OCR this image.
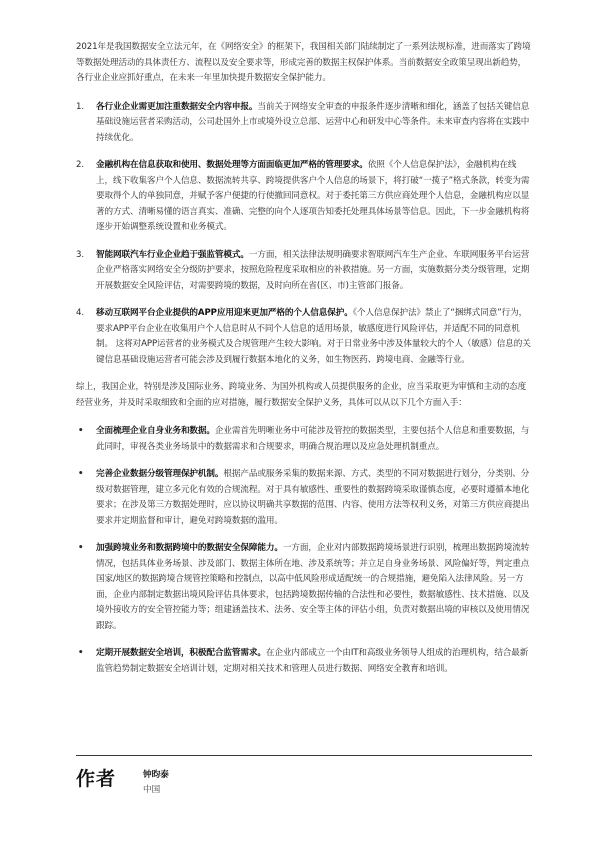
2021年是我国数据安全立法元年，在《网络安全》的框架下，我国相关部门陆续制定了一系列法规标准，进而落实了跨境等数据处理活动的具体责任方、流程以及安全要求等，形成完善的数据主权保护体系。当前数据安全政策呈现出新趋势，各行业企业应抓好重点，在未来一年里加快提升数据安全保护能力。

1. 各行业企业需更加注重数据安全内容申报。当前关于网络安全审查的申报条件逐步清晰和细化，涵盖了包括关键信息基础设施运营者采购活动，公司赴国外上市或境外设立总部、运营中心和研发中心等条件。未来审查内容将在实践中持续优化。
2. 金融机构在信息获取和使用、数据处理等方面面临更加严格的管理要求。依照《个人信息保护法》，金融机构在线上，线下收集客户个人信息、数据流转共享、跨境提供客户个人信息的场景下，将打破“一揽子”格式条款，转变为需要取得个人的单独同意，并赋予客户便捷的行使撤回同意权。对于委托第三方供应商处理个人信息，金融机构应以显著的方式、清晰易懂的语言真实、准确、完整的向个人逐项告知委托处理具体场景等信息。因此，下一步金融机构将逐步开始调整系统设置和业务模式。
3. 智能网联汽车行业企业趋于强监管模式。一方面，相关法律法规明确要求智联网汽车生产企业、车联网服务平台运营企业严格落实网络安全分级防护要求，按照危险程度采取相应的补救措施。另一方面，实施数据分类分级管理，定期开展数据安全风险评估，对需要跨境的数据，及时向所在省(区、市)主管部门报备。
4. 移动互联网平台企业提供的APP应用迎来更加严格的个人信息保护。《个人信息保护法》禁止了“捆绑式同意”行为，要求APP平台企业在收集用户个人信息时从不同个人信息的适用场景，敏感度进行风险评估，并适配不同的同意机制。 这将对APP运营者的业务模式及合规管理产生较大影响。对于日常业务中涉及体量较大的个人（敏感）信息的关键信息基础设施运营者可能会涉及到履行数据本地化的义务，如生物医药、跨境电商、金融等行业。

综上，我国企业，特别是涉及国际业务、跨境业务、为国外机构或人员提供服务的企业，应当采取更为审慎和主动的态度经营业务，并及时采取细致和全面的应对措施，履行数据安全保护义务，具体可以从以下几个方面入手：

• 全面梳理企业自身业务和数据。企业需首先明晰业务中可能涉及管控的数据类型，主要包括个人信息和重要数据，与此同时，审视各类业务场景中的数据需求和合规要求，明确合规治理以及应急处理机制重点。
• 完善企业数据分级管理保护机制。根据产品或服务采集的数据来源、方式、类型的不同对数据进行划分，分类别、分级对数据管理，建立多元化有效的合规流程。对于具有敏感性、重要性的数据跨境采取谨慎态度，必要时遵循本地化要求；在涉及第三方数据处理时，应以协议明确共享数据的范围、内容、使用方法等权利义务，对第三方供应商提出要求并定期监督和审计，避免对跨境数据的滥用。
• 加强跨境业务和数据跨境中的数据安全保障能力。一方面，企业对内部数据跨境场景进行识别，梳理出数据跨境流转情况，包括具体业务场景、涉及部门、数据主体所在地、涉及系统等；并立足自身业务场景、风险偏好等，判定重点国家/地区的数据跨境合规管控策略和控制点，以高中低风险形成适配统一的合规措施，避免陷入法律风险。另一方面，企业内部制定数据出境风险评估具体要求，包括跨境数据传输的合法性和必要性，数据敏感性、技术措施、以及境外接收方的安全管控能力等；组建涵盖技术、法务、安全等主体的评估小组，负责对数据出境的审核以及使用情况跟踪。
• 定期开展数据安全培训，积极配合监管需求。在企业内部成立一个由IT和高级业务领导人组成的治理机构，结合最新监管趋势制定数据安全培训计划，定期对相关技术和管理人员进行数据、网络安全教育和培训。
作者	钟昀泰
中国
